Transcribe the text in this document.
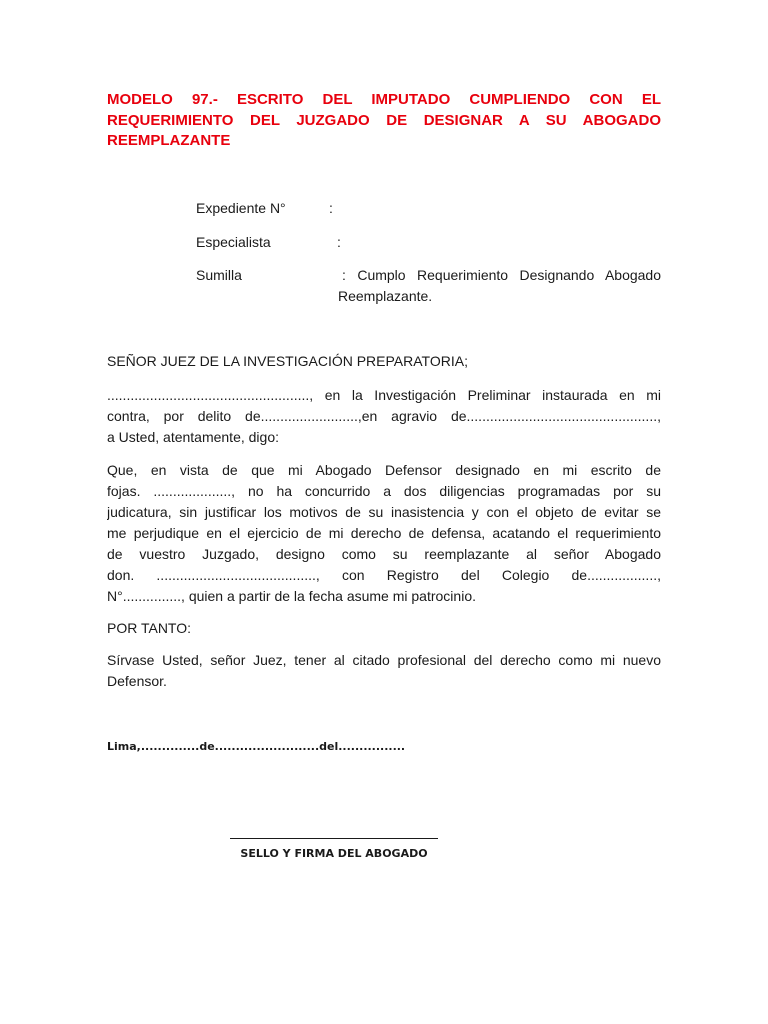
MODELO 97.- ESCRITO DEL IMPUTADO CUMPLIENDO CON EL
REQUERIMIENTO DEL JUZGADO DE DESIGNAR A SU ABOGADO
REEMPLAZANTE
Expediente N°	:
Especialista	:
Sumilla	: Cumplo Requerimiento Designando Abogado
Reemplazante.
SEÑOR JUEZ DE LA INVESTIGACIÓN PREPARATORIA;
...................................................., en la Investigación Preliminar instaurada en mi
contra, por delito de.........................,en agravio de.................................................,
a Usted, atentamente, digo:
Que, en vista de que mi Abogado Defensor designado en mi escrito de
fojas. ...................., no ha concurrido a dos diligencias programadas por su
judicatura, sin justificar los motivos de su inasistencia y con el objeto de evitar se
me perjudique en el ejercicio de mi derecho de defensa, acatando el requerimiento
de vuestro Juzgado, designo como su reemplazante al señor Abogado
don. ........................................., con Registro del Colegio de..................,
N°..............., quien a partir de la fecha asume mi patrocinio.
POR TANTO:
Sírvase Usted, señor Juez, tener al citado profesional del derecho como mi nuevo
Defensor.
Lima,..............de.........................del................
SELLO Y FIRMA DEL ABOGADO
